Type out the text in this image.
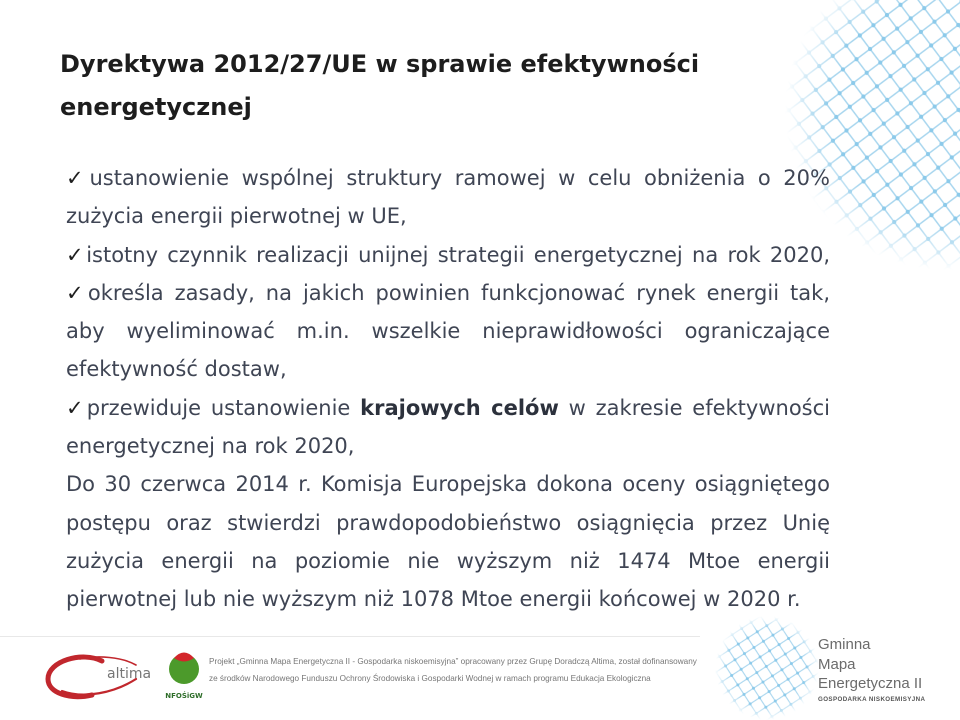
Dyrektywa 2012/27/UE w sprawie efektywności energetycznej
✓ustanowienie wspólnej struktury ramowej w celu obniżenia o 20%
zużycia energii pierwotnej w UE,
✓istotny czynnik realizacji unijnej strategii energetycznej na rok 2020,
✓określa zasady, na jakich powinien funkcjonować rynek energii tak,
aby wyeliminować m.in. wszelkie nieprawidłowości ograniczające
efektywność dostaw,
✓przewiduje ustanowienie krajowych celów w zakresie efektywności
energetycznej na rok 2020,
Do 30 czerwca 2014 r. Komisja Europejska dokona oceny osiągniętego
postępu oraz stwierdzi prawdopodobieństwo osiągnięcia przez Unię
zużycia energii na poziomie nie wyższym niż 1474 Mtoe energii
pierwotnej lub nie wyższym niż 1078 Mtoe energii końcowej w 2020 r.
altima
NFOŚiGW
Projekt „Gminna Mapa Energetyczna II - Gospodarka niskoemisyjna” opracowany przez Grupę Doradczą Altima, został dofinansowany
ze środków Narodowego Funduszu Ochrony Środowiska i Gospodarki Wodnej w ramach programu Edukacja Ekologiczna
Gminna
Mapa
Energetyczna II
GOSPODARKA NISKOEMISYJNA
